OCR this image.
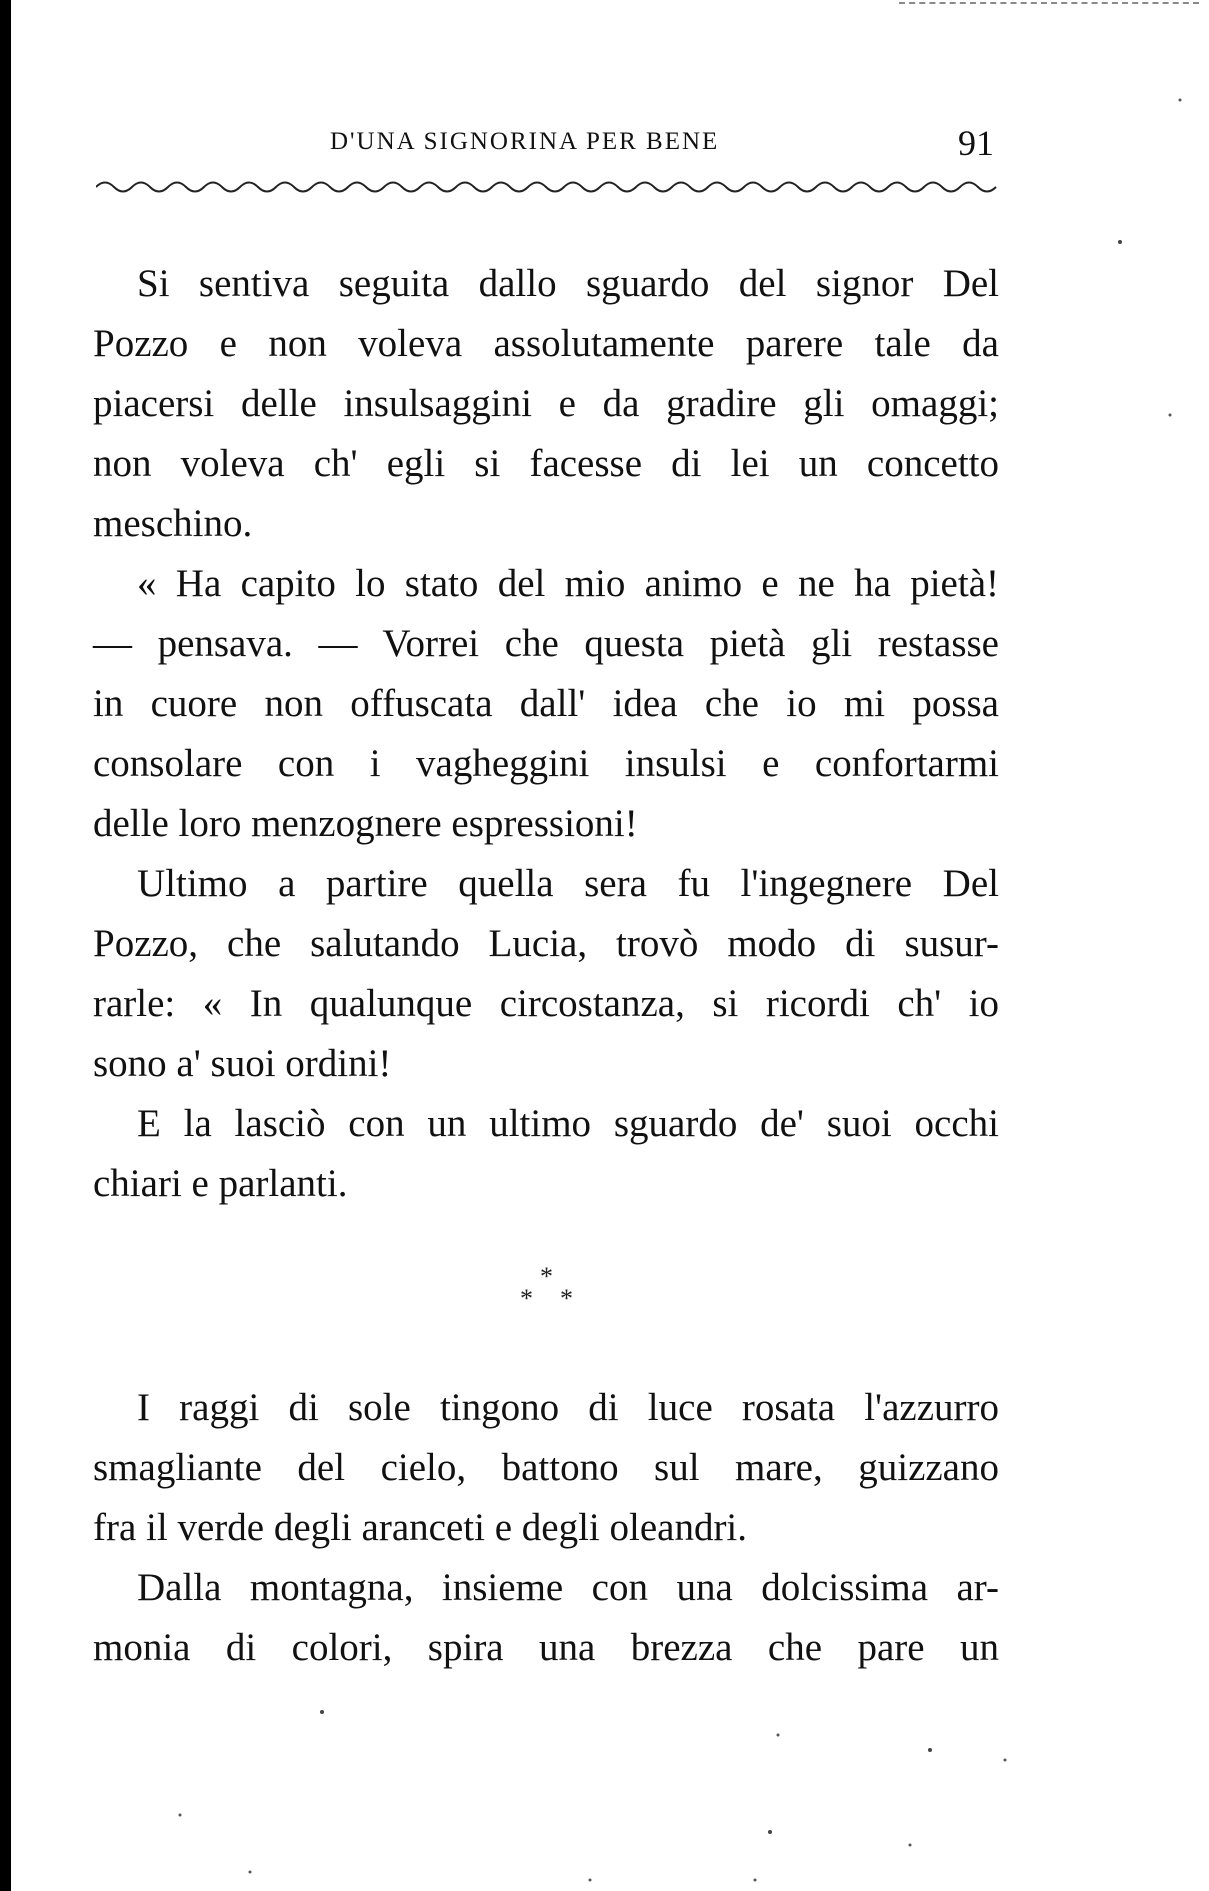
D'UNA SIGNORINA PER BENE	91
Si sentiva seguita dallo sguardo del signor Del
Pozzo e non voleva assolutamente parere tale da
piacersi delle insulsaggini e da gradire gli omaggi;
non voleva ch' egli si facesse di lei un concetto
meschino.
« Ha capito lo stato del mio animo e ne ha pietà!
— pensava. — Vorrei che questa pietà gli restasse
in cuore non offuscata dall' idea che io mi possa
consolare con i vagheggini insulsi e confortarmi
delle loro menzognere espressioni!
Ultimo a partire quella sera fu l'ingegnere Del
Pozzo, che salutando Lucia, trovò modo di susur-
rarle: « In qualunque circostanza, si ricordi ch' io
sono a' suoi ordini!
E la lasciò con un ultimo sguardo de' suoi occhi
chiari e parlanti.
*
* *
I raggi di sole tingono di luce rosata l'azzurro
smagliante del cielo, battono sul mare, guizzano
fra il verde degli aranceti e degli oleandri.
Dalla montagna, insieme con una dolcissima ar-
monia di colori, spira una brezza che pare un
